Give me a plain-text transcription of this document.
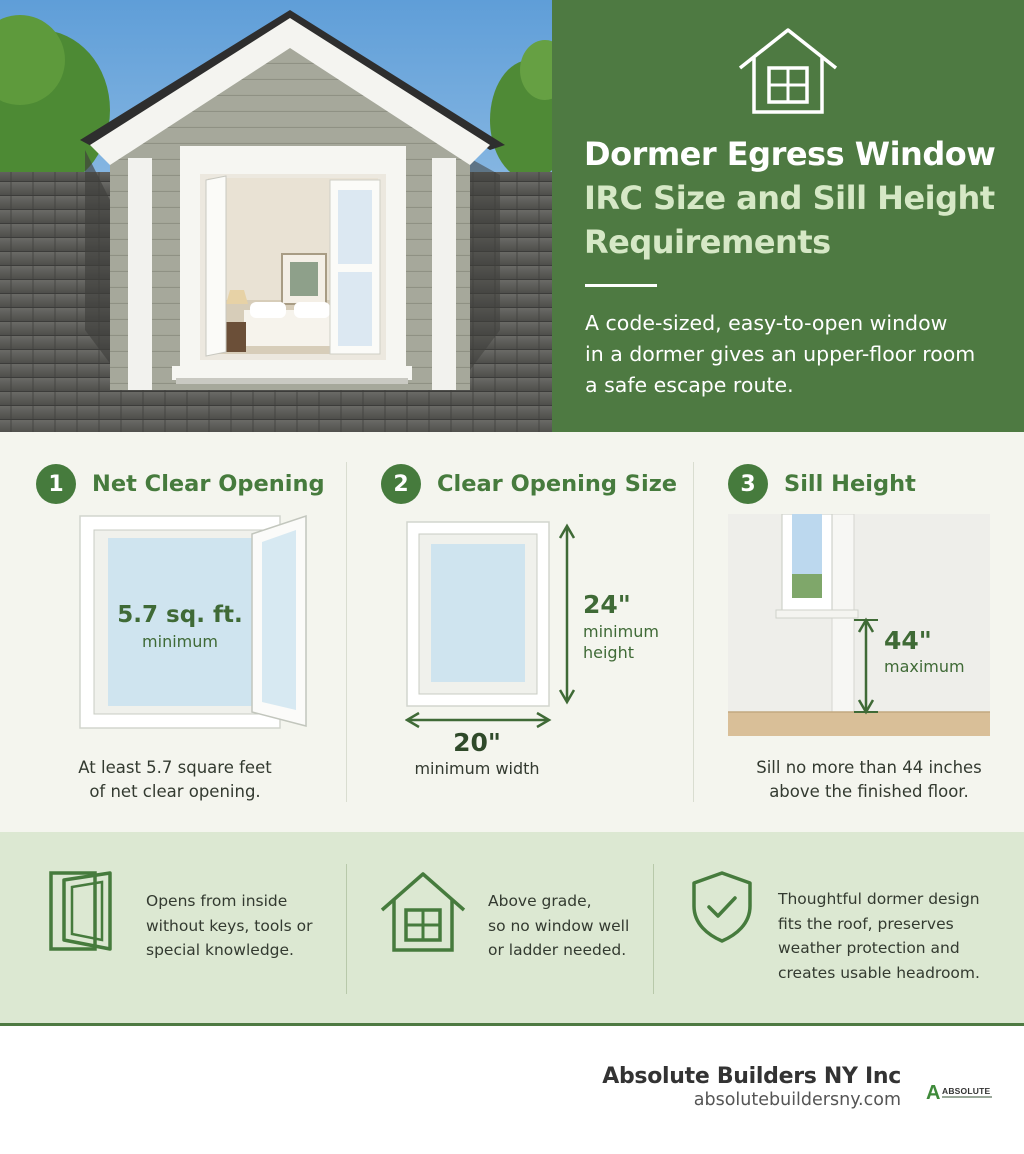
Dormer Egress Window
IRC Size and Sill Height
Requirements
A code-sized, easy-to-open window
in a dormer gives an upper-floor room
a safe escape route.
1	Net Clear Opening
5.7 sq. ft.
minimum
At least 5.7 square feet
of net clear opening.
2	Clear Opening Size
24"
minimum
height
20"
minimum width
3	Sill Height
44"
maximum
Sill no more than 44 inches
above the finished floor.
Opens from inside
without keys, tools or
special knowledge.
Above grade,
so no window well
or ladder needed.
Thoughtful dormer design
fits the roof, preserves
weather protection and
creates usable headroom.
Absolute Builders NY Inc
absolutebuildersny.com A ABSOLUTE
